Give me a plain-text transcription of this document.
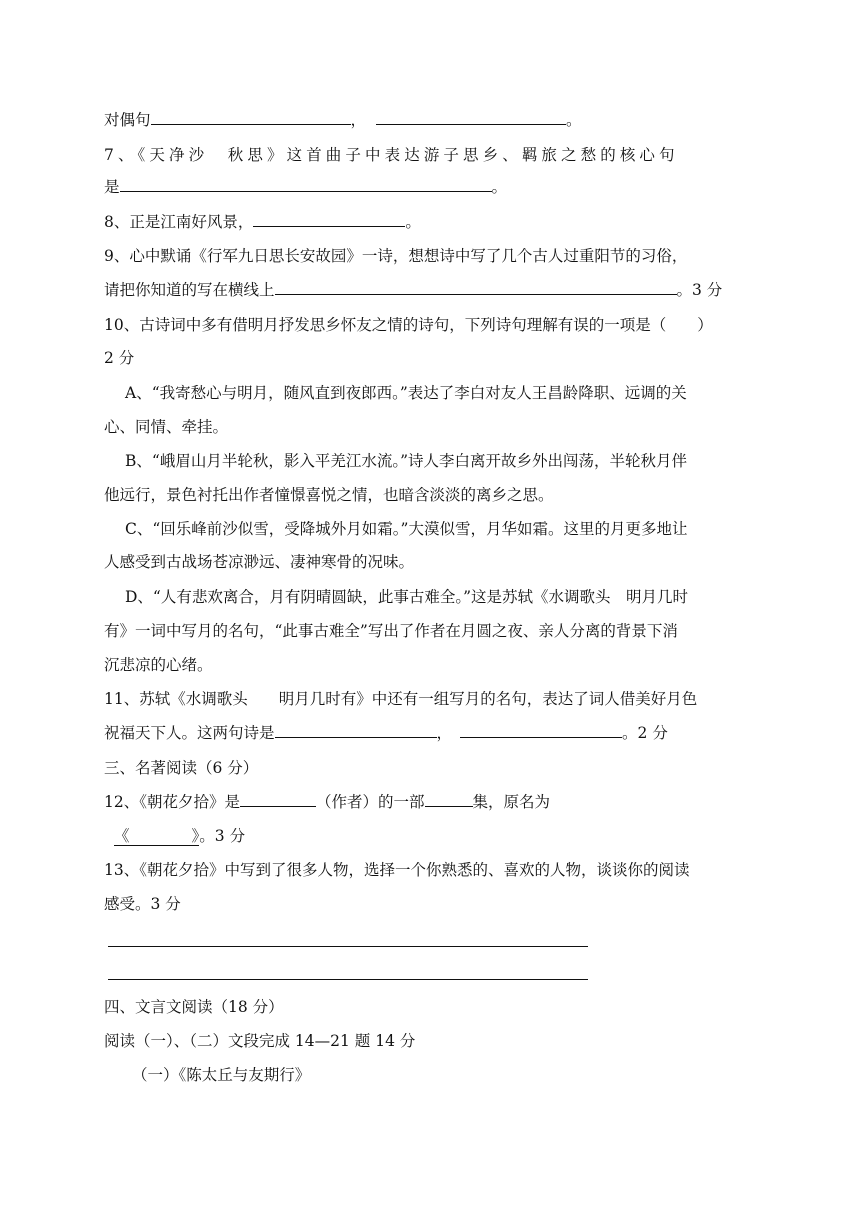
对偶句	，	。
7、《天净沙　秋思》这首曲子中表达游子思乡、羁旅之愁的核心句
是	。
8、正是江南好风景，	。
9、心中默诵《行军九日思长安故园》一诗，想想诗中写了几个古人过重阳节的习俗，
请把你知道的写在横线上	。3 分
10、古诗词中多有借明月抒发思乡怀友之情的诗句，下列诗句理解有误的一项是（　　）
2 分
A、“我寄愁心与明月，随风直到夜郎西。”表达了李白对友人王昌龄降职、远调的关
心、同情、牵挂。
B、“峨眉山月半轮秋，影入平羌江水流。”诗人李白离开故乡外出闯荡，半轮秋月伴
他远行，景色衬托出作者憧憬喜悦之情，也暗含淡淡的离乡之思。
C、“回乐峰前沙似雪，受降城外月如霜。”大漠似雪，月华如霜。这里的月更多地让
人感受到古战场苍凉渺远、凄神寒骨的况味。
D、“人有悲欢离合，月有阴晴圆缺，此事古难全。”这是苏轼《水调歌头　明月几时
有》一词中写月的名句，“此事古难全”写出了作者在月圆之夜、亲人分离的背景下消
沉悲凉的心绪。
11、苏轼《水调歌头　　明月几时有》中还有一组写月的名句，表达了词人借美好月色
祝福天下人。这两句诗是	，	。2 分
三、名著阅读（6 分）
12、《朝花夕拾》是	（作者）的一部	集，原名为
《	》。3 分
13、《朝花夕拾》中写到了很多人物，选择一个你熟悉的、喜欢的人物，谈谈你的阅读
感受。3 分
四、文言文阅读（18 分）
阅读（一）、（二）文段完成 14—21 题 14 分
（一）《陈太丘与友期行》
